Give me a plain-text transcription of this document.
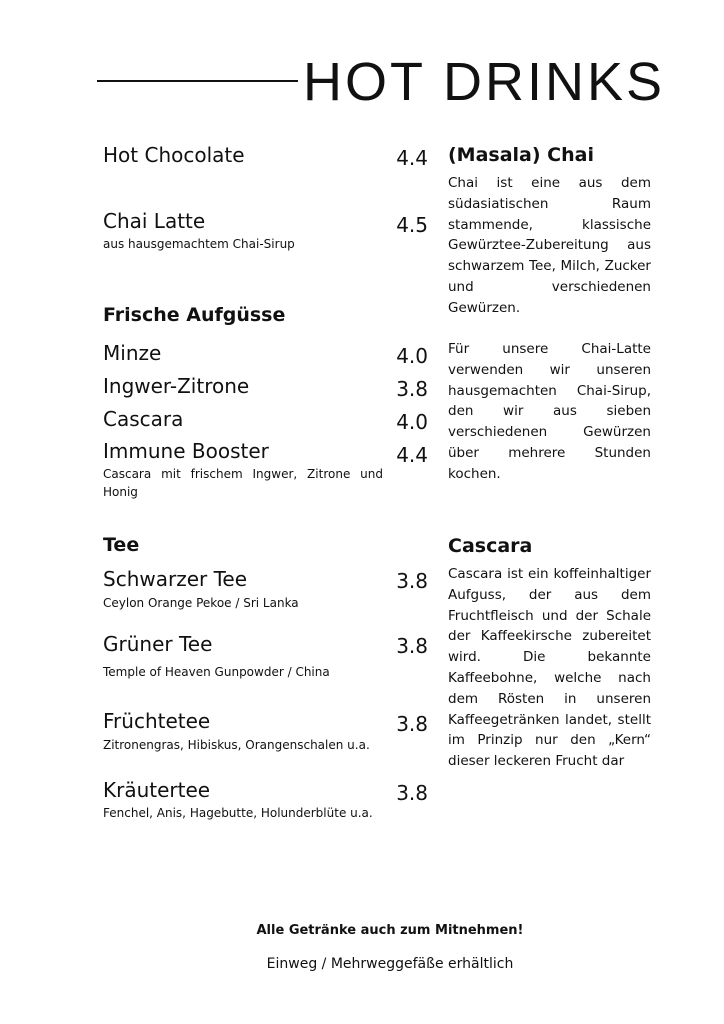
HOT DRINKS
Hot Chocolate	4.4
Chai Latte	4.5
aus hausgemachtem Chai-Sirup
Frische Aufgüsse
Minze	4.0
Ingwer-Zitrone	3.8
Cascara	4.0
Immune Booster	4.4
Cascara mit frischem Ingwer, Zitrone und Honig
Tee
Schwarzer Tee	3.8
Ceylon Orange Pekoe / Sri Lanka
Grüner Tee	3.8
Temple of Heaven Gunpowder / China
Früchtetee	3.8
Zitronengras, Hibiskus, Orangenschalen u.a.
Kräutertee	3.8
Fenchel, Anis, Hagebutte, Holunderblüte u.a.
(Masala) Chai
Chai ist eine aus dem südasiatischen Raum stammende, klassische Gewürztee-Zubereitung aus schwarzem Tee, Milch, Zucker und verschiedenen Gewürzen.
Für unsere Chai-Latte verwenden wir unseren hausgemachten Chai-Sirup, den wir aus sieben verschiedenen Gewürzen über mehrere Stunden kochen.
Cascara
Cascara ist ein koffeinhaltiger Aufguss, der aus dem Fruchtfleisch und der Schale der Kaffeekirsche zubereitet wird. Die bekannte Kaffeebohne, welche nach dem Rösten in unseren Kaffeegetränken landet, stellt im Prinzip nur den „Kern“ dieser leckeren Frucht dar
Alle Getränke auch zum Mitnehmen!
Einweg / Mehrweggefäße erhältlich
